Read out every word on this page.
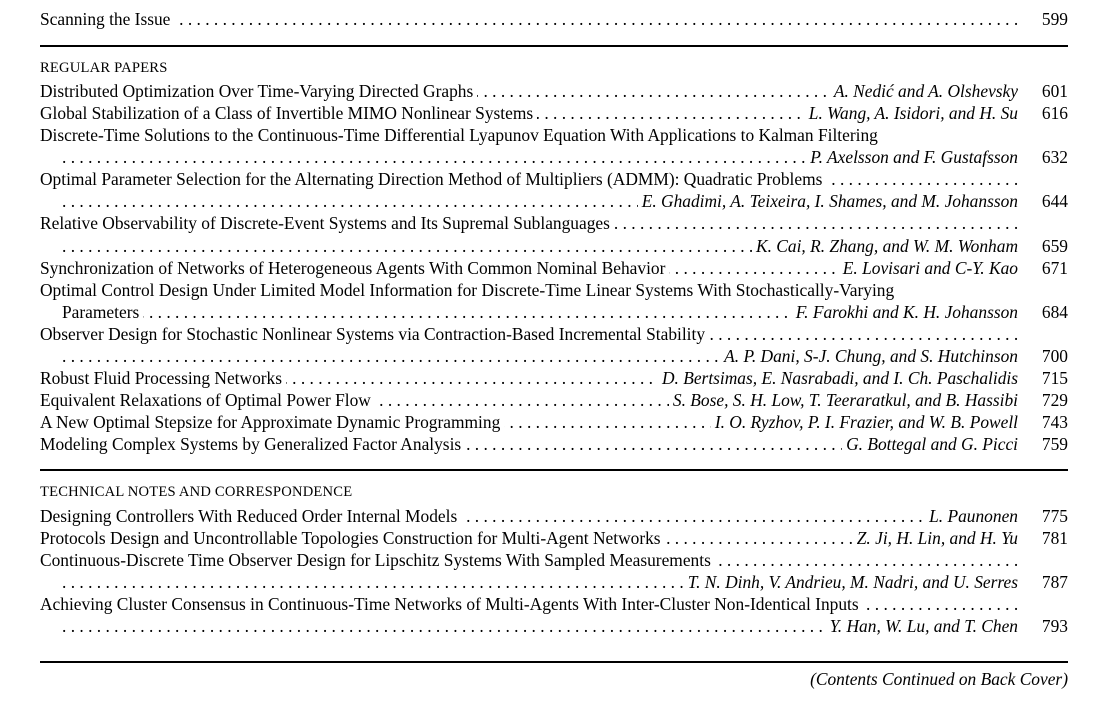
. . .
Scanning the Issue	599
REGULAR PAPERS
. . .
Distributed Optimization Over Time-Varying Directed Graphs	A. Nedić and A. Olshevsky	601
. . .
Global Stabilization of a Class of Invertible MIMO Nonlinear Systems	L. Wang, A. Isidori, and H. Su	616
Discrete-Time Solutions to the Continuous-Time Differential Lyapunov Equation With Applications to Kalman Filtering
. . .
P. Axelsson and F. Gustafsson	632
. . .
Optimal Parameter Selection for the Alternating Direction Method of Multipliers (ADMM): Quadratic Problems
. . .
E. Ghadimi, A. Teixeira, I. Shames, and M. Johansson	644
. . .
Relative Observability of Discrete-Event Systems and Its Supremal Sublanguages
. . .
K. Cai, R. Zhang, and W. M. Wonham	659
. . .
Synchronization of Networks of Heterogeneous Agents With Common Nominal Behavior	E. Lovisari and C-Y. Kao	671
Optimal Control Design Under Limited Model Information for Discrete-Time Linear Systems With Stochastically-Varying
. . .
Parameters	F. Farokhi and K. H. Johansson	684
. . .
Observer Design for Stochastic Nonlinear Systems via Contraction-Based Incremental Stability
. . .
A. P. Dani, S-J. Chung, and S. Hutchinson	700
. . .
Robust Fluid Processing Networks	D. Bertsimas, E. Nasrabadi, and I. Ch. Paschalidis	715
. . .
Equivalent Relaxations of Optimal Power Flow	S. Bose, S. H. Low, T. Teeraratkul, and B. Hassibi	729
. . .
A New Optimal Stepsize for Approximate Dynamic Programming	I. O. Ryzhov, P. I. Frazier, and W. B. Powell	743
. . .
Modeling Complex Systems by Generalized Factor Analysis	G. Bottegal and G. Picci	759
TECHNICAL NOTES AND CORRESPONDENCE
. . .
Designing Controllers With Reduced Order Internal Models	L. Paunonen	775
. . .
Protocols Design and Uncontrollable Topologies Construction for Multi-Agent Networks	Z. Ji, H. Lin, and H. Yu	781
. . .
Continuous-Discrete Time Observer Design for Lipschitz Systems With Sampled Measurements
. . .
T. N. Dinh, V. Andrieu, M. Nadri, and U. Serres	787
. . .
Achieving Cluster Consensus in Continuous-Time Networks of Multi-Agents With Inter-Cluster Non-Identical Inputs
. . .
Y. Han, W. Lu, and T. Chen	793
(Contents Continued on Back Cover)
